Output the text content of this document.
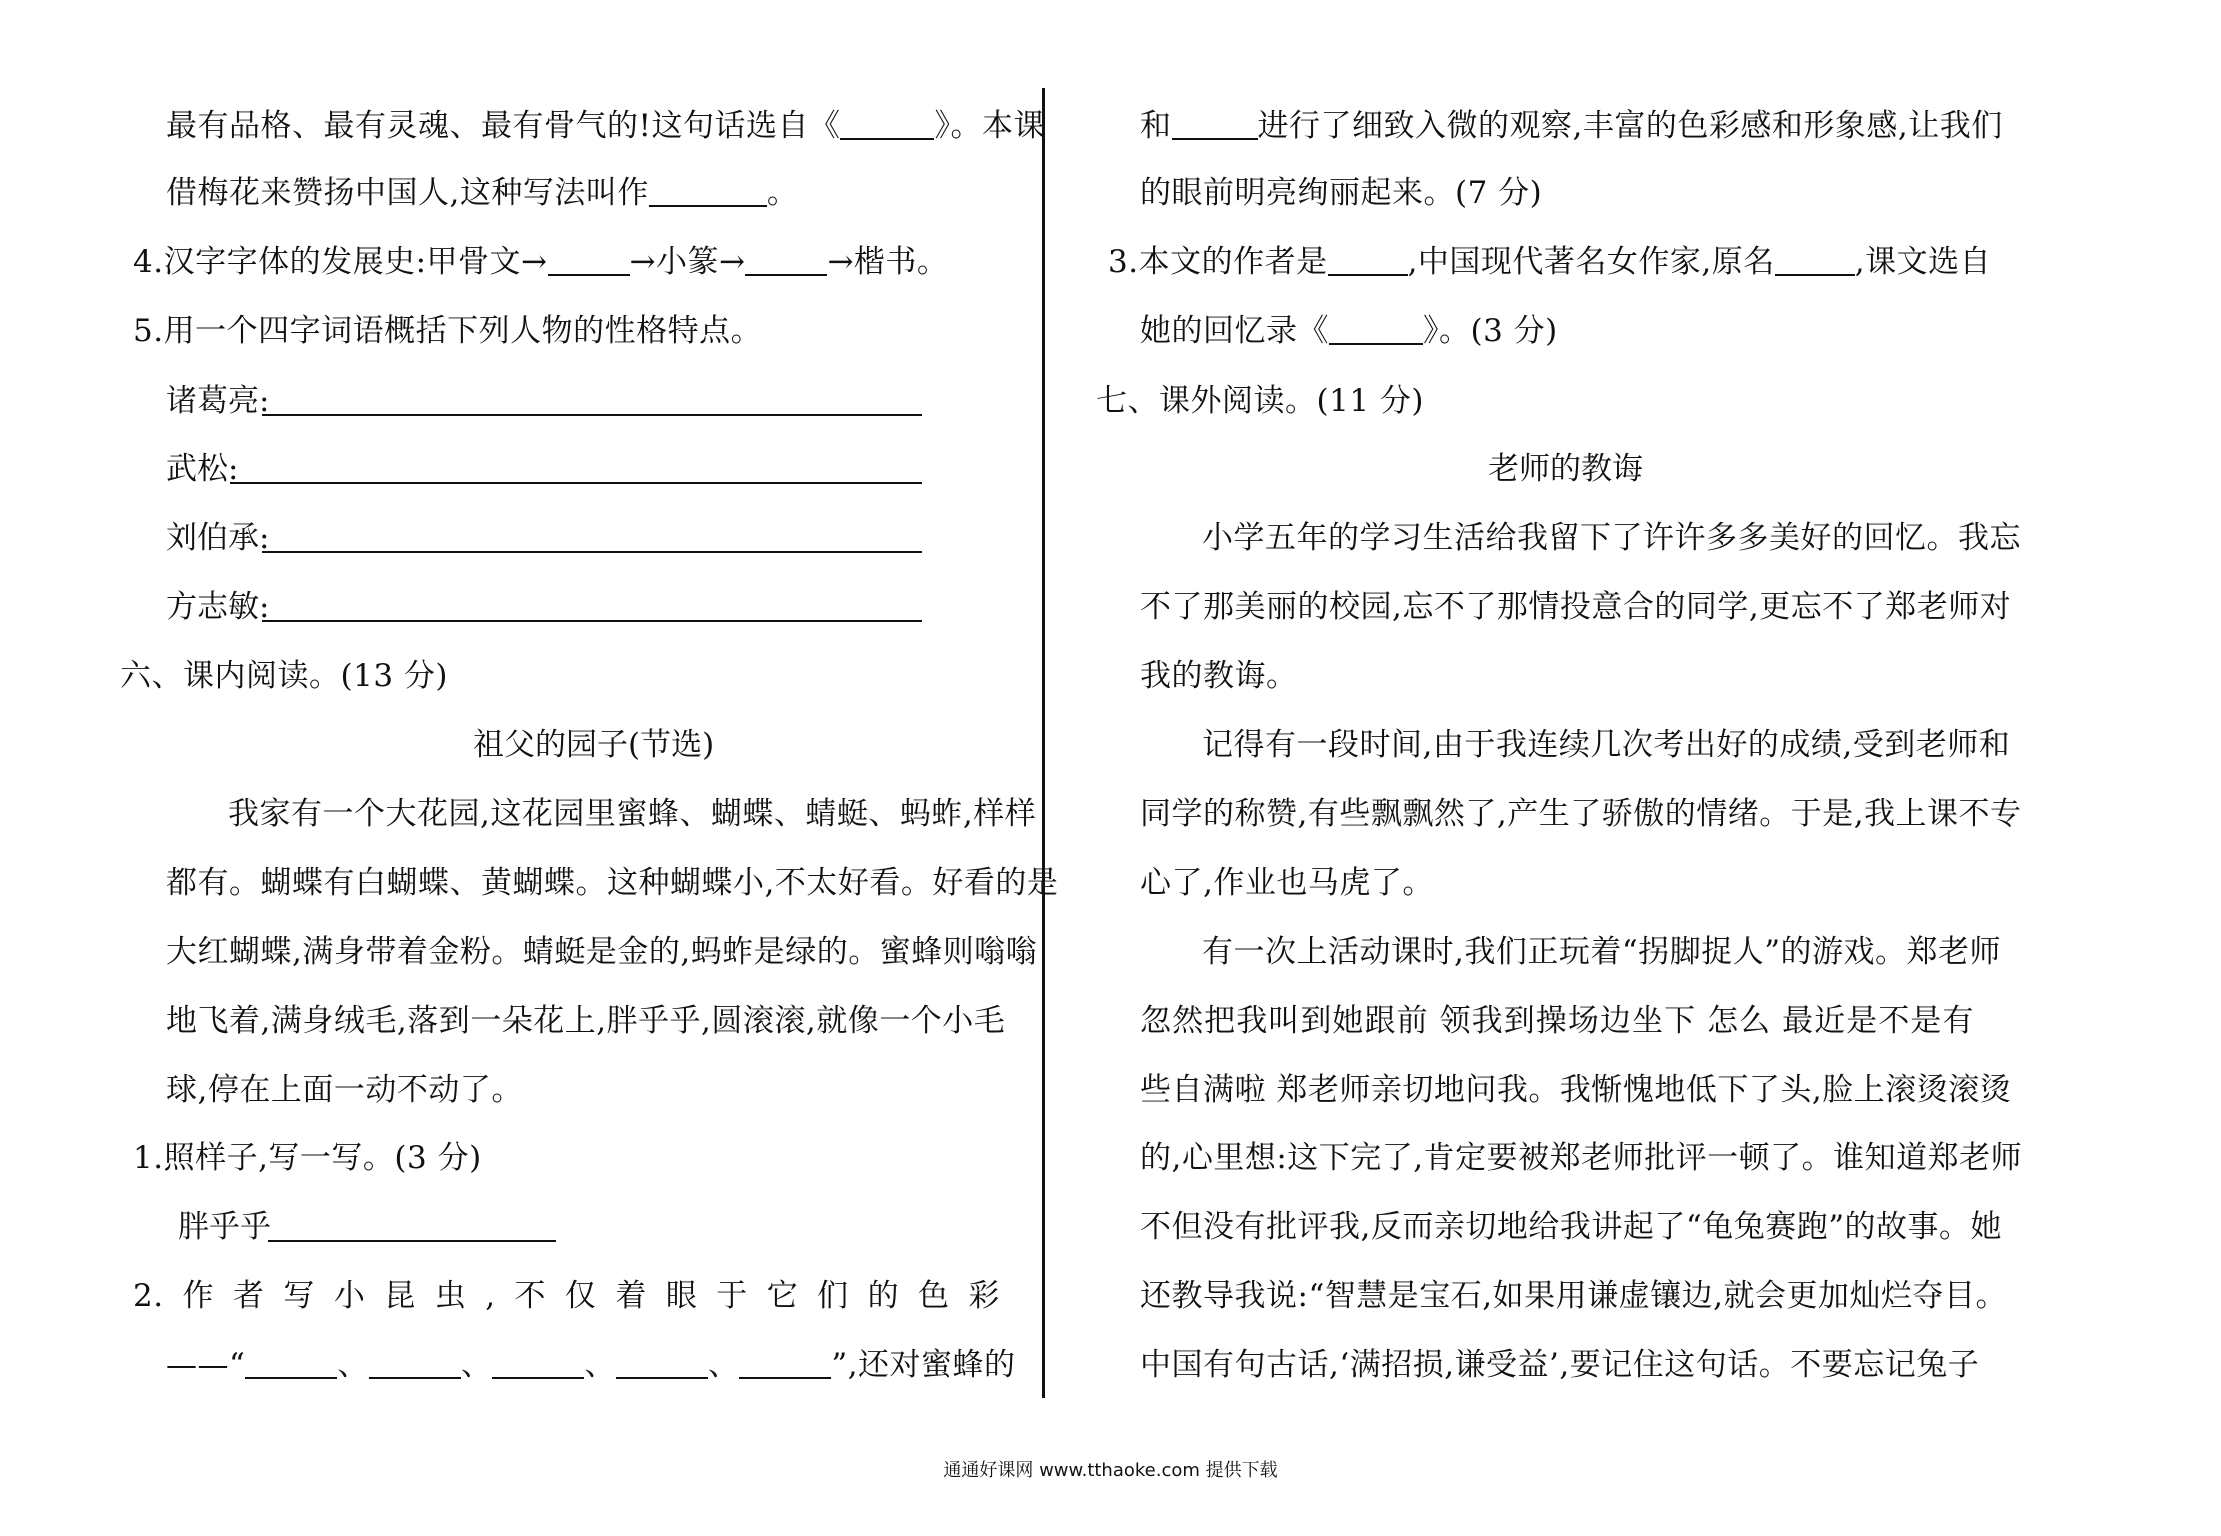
最有品格、最有灵魂、最有骨气的!这句话选自《	》。本课
借梅花来赞扬中国人,这种写法叫作	。
4.汉字字体的发展史:甲骨文→	→小篆→	→楷书。
5.用一个四字词语概括下列人物的性格特点。
诸葛亮:
武松:
刘伯承:
方志敏:
六、课内阅读。(13 分)
祖父的园子(节选)
我家有一个大花园,这花园里蜜蜂、蝴蝶、蜻蜓、蚂蚱,样样
都有。蝴蝶有白蝴蝶、黄蝴蝶。这种蝴蝶小,不太好看。好看的是
大红蝴蝶,满身带着金粉。蜻蜓是金的,蚂蚱是绿的。蜜蜂则嗡嗡
地飞着,满身绒毛,落到一朵花上,胖乎乎,圆滚滚,就像一个小毛
球,停在上面一动不动了。
1.照样子,写一写。(3 分)
胖乎乎
2.作者写小昆虫,不仅着眼于它们的色彩
——“	、	、	、	、	”,还对蜜蜂的
和	进行了细致入微的观察,丰富的色彩感和形象感,让我们
的眼前明亮绚丽起来。(7 分)
3.本文的作者是	,中国现代著名女作家,原名	,课文选自
她的回忆录《	》。(3 分)
七、课外阅读。(11 分)
老师的教诲
小学五年的学习生活给我留下了许许多多美好的回忆。我忘
不了那美丽的校园,忘不了那情投意合的同学,更忘不了郑老师对
我的教诲。
记得有一段时间,由于我连续几次考出好的成绩,受到老师和
同学的称赞,有些飘飘然了,产生了骄傲的情绪。于是,我上课不专
心了,作业也马虎了。
有一次上活动课时,我们正玩着“拐脚捉人”的游戏。郑老师
忽然把我叫到她跟前 领我到操场边坐下 怎么 最近是不是有
些自满啦 郑老师亲切地问我。我惭愧地低下了头,脸上滚烫滚烫
的,心里想:这下完了,肯定要被郑老师批评一顿了。谁知道郑老师
不但没有批评我,反而亲切地给我讲起了“龟兔赛跑”的故事。她
还教导我说:“智慧是宝石,如果用谦虚镶边,就会更加灿烂夺目。
中国有句古话,‘满招损,谦受益’,要记住这句话。不要忘记兔子
通通好课网 www.tthaoke.com 提供下载
